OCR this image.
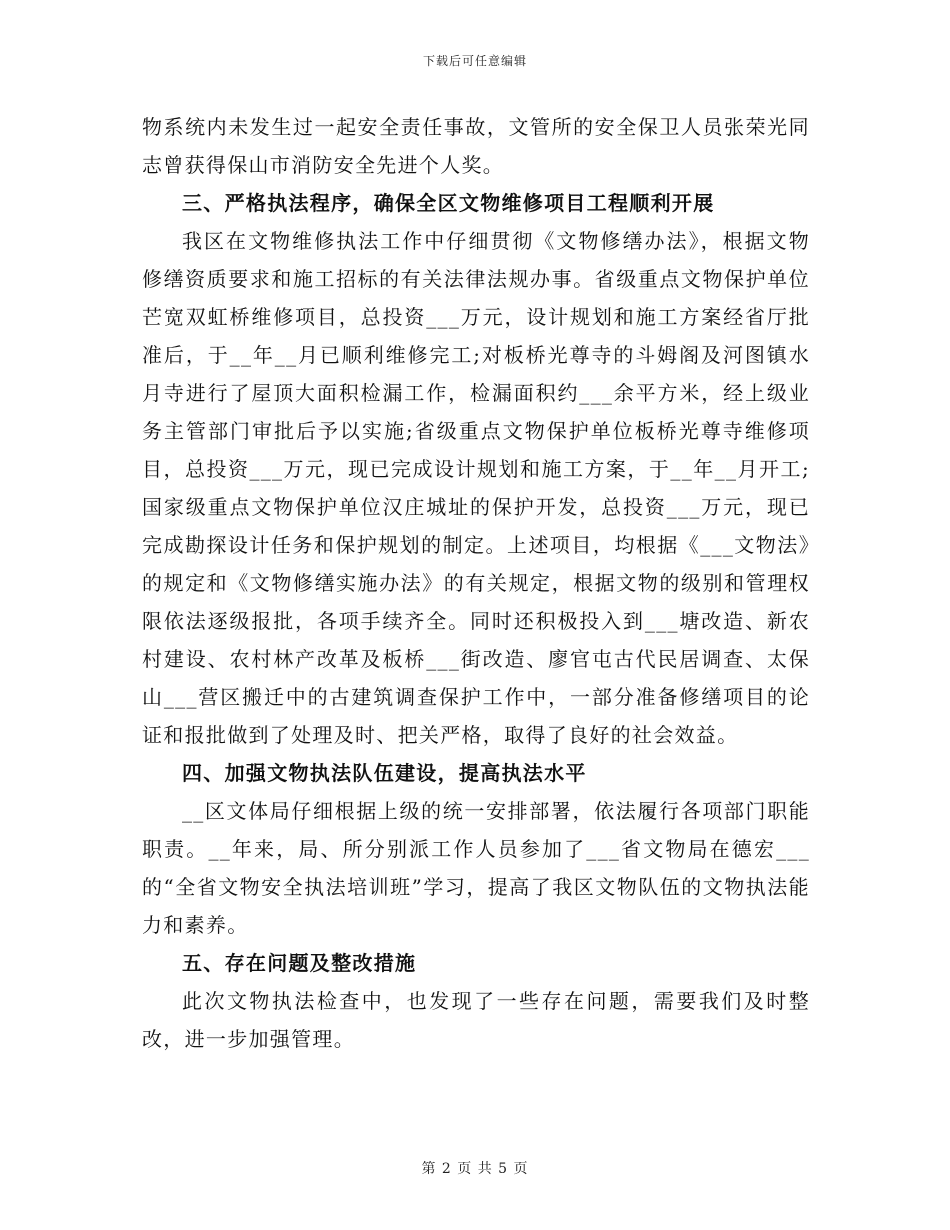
下载后可任意编辑

物系统内未发生过一起安全责任事故，文管所的安全保卫人员张荣光同志曾获得保山市消防安全先进个人奖。

三、严格执法程序，确保全区文物维修项目工程顺利开展

我区在文物维修执法工作中仔细贯彻《文物修缮办法》，根据文物修缮资质要求和施工招标的有关法律法规办事。省级重点文物保护单位芒宽双虹桥维修项目，总投资___万元，设计规划和施工方案经省厅批准后，于__年__月已顺利维修完工;对板桥光尊寺的斗姆阁及河图镇水月寺进行了屋顶大面积检漏工作，检漏面积约___余平方米，经上级业务主管部门审批后予以实施;省级重点文物保护单位板桥光尊寺维修项目，总投资___万元，现已完成设计规划和施工方案，于__年__月开工;国家级重点文物保护单位汉庄城址的保护开发，总投资___万元，现已完成勘探设计任务和保护规划的制定。上述项目，均根据《___文物法》的规定和《文物修缮实施办法》的有关规定，根据文物的级别和管理权限依法逐级报批，各项手续齐全。同时还积极投入到___塘改造、新农村建设、农村林产改革及板桥___街改造、廖官屯古代民居调查、太保山___营区搬迁中的古建筑调查保护工作中，一部分准备修缮项目的论证和报批做到了处理及时、把关严格，取得了良好的社会效益。

四、加强文物执法队伍建设，提高执法水平

__区文体局仔细根据上级的统一安排部署，依法履行各项部门职能职责。__年来，局、所分别派工作人员参加了___省文物局在德宏___的“全省文物安全执法培训班”学习，提高了我区文物队伍的文物执法能力和素养。

五、存在问题及整改措施

此次文物执法检查中，也发现了一些存在问题，需要我们及时整改，进一步加强管理。

第 2 页 共 5 页
